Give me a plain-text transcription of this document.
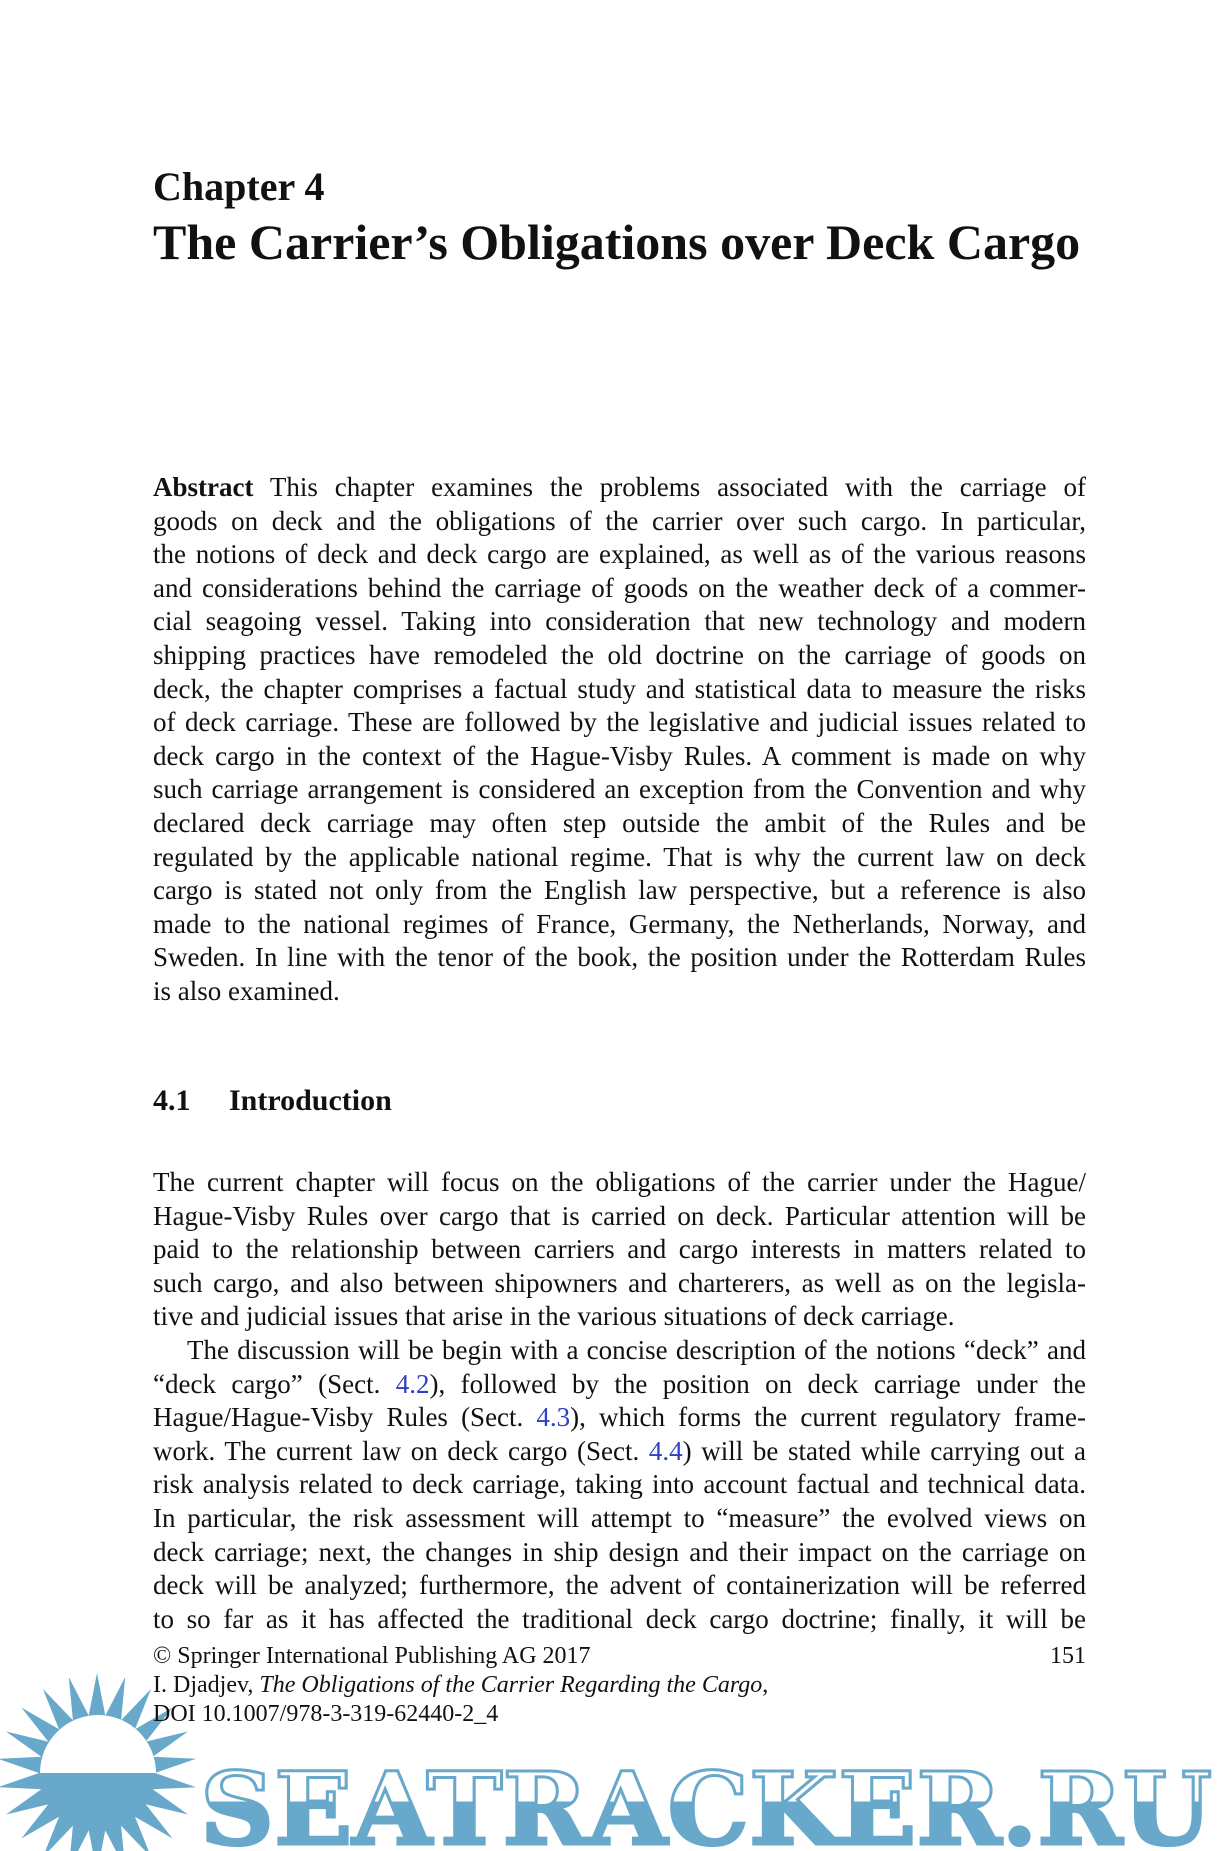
Chapter 4
The Carrier’s Obligations over Deck Cargo
Abstract This chapter examines the problems associated with the carriage of
goods on deck and the obligations of the carrier over such cargo. In particular,
the notions of deck and deck cargo are explained, as well as of the various reasons
and considerations behind the carriage of goods on the weather deck of a commer-
cial seagoing vessel. Taking into consideration that new technology and modern
shipping practices have remodeled the old doctrine on the carriage of goods on
deck, the chapter comprises a factual study and statistical data to measure the risks
of deck carriage. These are followed by the legislative and judicial issues related to
deck cargo in the context of the Hague-Visby Rules. A comment is made on why
such carriage arrangement is considered an exception from the Convention and why
declared deck carriage may often step outside the ambit of the Rules and be
regulated by the applicable national regime. That is why the current law on deck
cargo is stated not only from the English law perspective, but a reference is also
made to the national regimes of France, Germany, the Netherlands, Norway, and
Sweden. In line with the tenor of the book, the position under the Rotterdam Rules
is also examined.
4.1 Introduction
The current chapter will focus on the obligations of the carrier under the Hague/
Hague-Visby Rules over cargo that is carried on deck. Particular attention will be
paid to the relationship between carriers and cargo interests in matters related to
such cargo, and also between shipowners and charterers, as well as on the legisla-
tive and judicial issues that arise in the various situations of deck carriage.
The discussion will be begin with a concise description of the notions “deck” and
“deck cargo” (Sect. 4.2), followed by the position on deck carriage under the
Hague/Hague-Visby Rules (Sect. 4.3), which forms the current regulatory frame-
work. The current law on deck cargo (Sect. 4.4) will be stated while carrying out a
risk analysis related to deck carriage, taking into account factual and technical data.
In particular, the risk assessment will attempt to “measure” the evolved views on
deck carriage; next, the changes in ship design and their impact on the carriage on
deck will be analyzed; furthermore, the advent of containerization will be referred
to so far as it has affected the traditional deck cargo doctrine; finally, it will be
© Springer International Publishing AG 2017	151
I. Djadjev, The Obligations of the Carrier Regarding the Cargo,
DOI 10.1007/978-3-319-62440-2_4
SEATRACKER.RU
